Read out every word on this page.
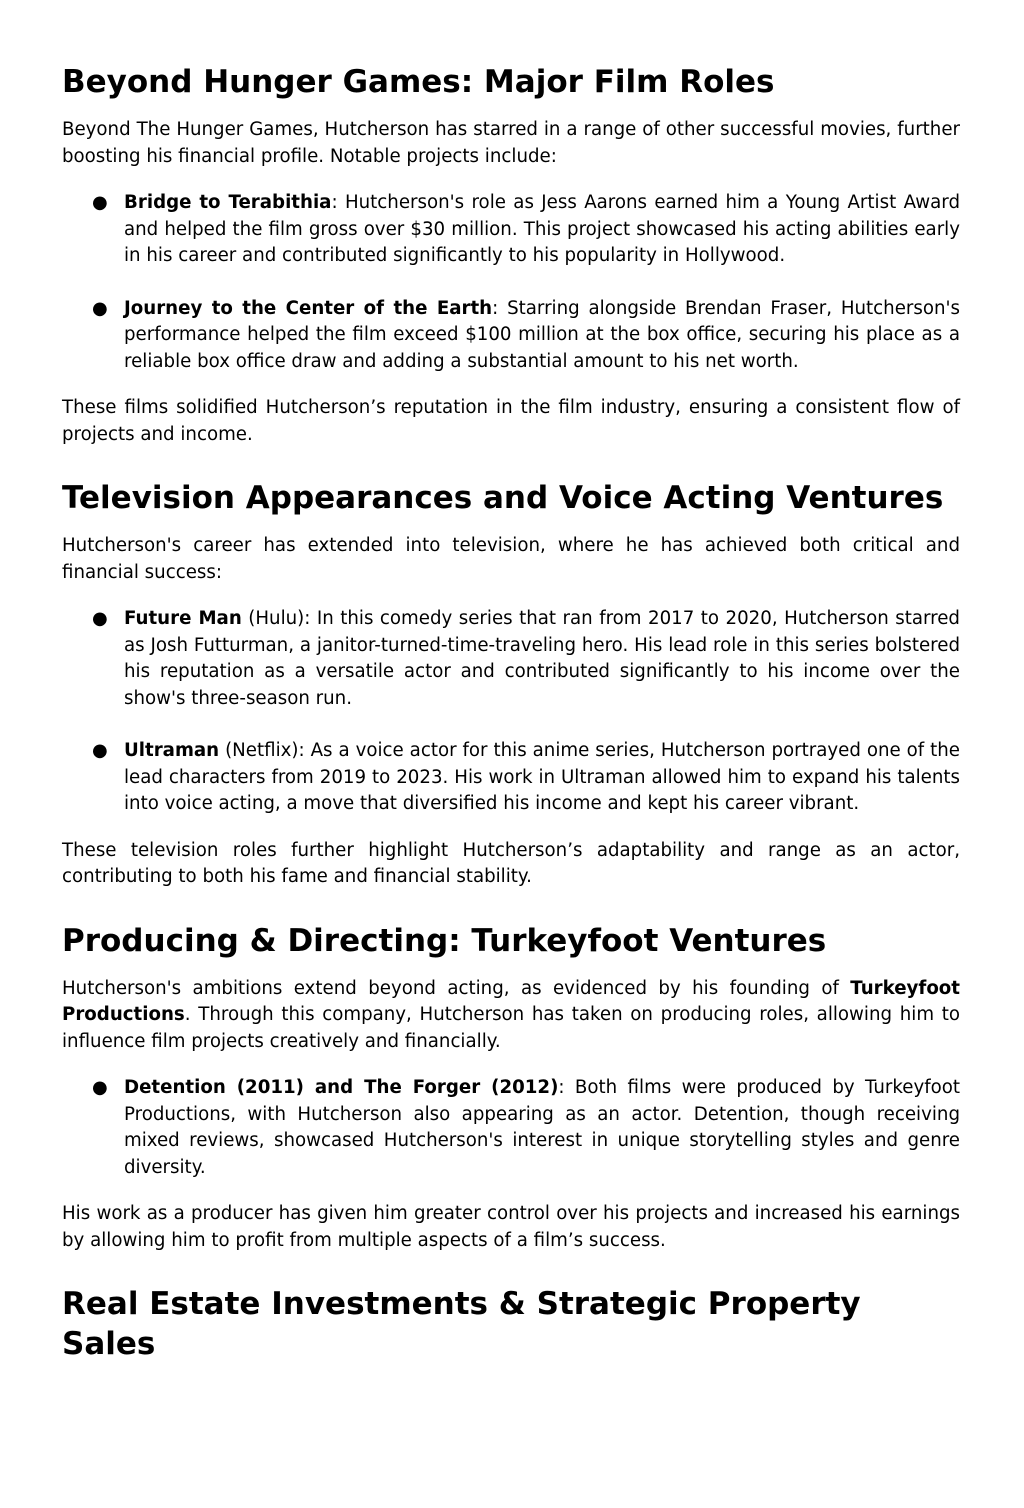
Beyond Hunger Games: Major Film Roles

Beyond The Hunger Games, Hutcherson has starred in a range of other successful movies, further boosting his financial profile. Notable projects include:

● Bridge to Terabithia: Hutcherson's role as Jess Aarons earned him a Young Artist Award and helped the film gross over $30 million. This project showcased his acting abilities early in his career and contributed significantly to his popularity in Hollywood.
● Journey to the Center of the Earth: Starring alongside Brendan Fraser, Hutcherson's performance helped the film exceed $100 million at the box office, securing his place as a reliable box office draw and adding a substantial amount to his net worth.

These films solidified Hutcherson’s reputation in the film industry, ensuring a consistent flow of projects and income.

Television Appearances and Voice Acting Ventures

Hutcherson's career has extended into television, where he has achieved both critical and financial success:

● Future Man (Hulu): In this comedy series that ran from 2017 to 2020, Hutcherson starred as Josh Futturman, a janitor-turned-time-traveling hero. His lead role in this series bolstered his reputation as a versatile actor and contributed significantly to his income over the show's three-season run.
● Ultraman (Netflix): As a voice actor for this anime series, Hutcherson portrayed one of the lead characters from 2019 to 2023. His work in Ultraman allowed him to expand his talents into voice acting, a move that diversified his income and kept his career vibrant.

These television roles further highlight Hutcherson’s adaptability and range as an actor, contributing to both his fame and financial stability.

Producing & Directing: Turkeyfoot Ventures

Hutcherson's ambitions extend beyond acting, as evidenced by his founding of Turkeyfoot Productions. Through this company, Hutcherson has taken on producing roles, allowing him to influence film projects creatively and financially.

● Detention (2011) and The Forger (2012): Both films were produced by Turkeyfoot Productions, with Hutcherson also appearing as an actor. Detention, though receiving mixed reviews, showcased Hutcherson's interest in unique storytelling styles and genre diversity.

His work as a producer has given him greater control over his projects and increased his earnings by allowing him to profit from multiple aspects of a film’s success.

Real Estate Investments & Strategic Property Sales
